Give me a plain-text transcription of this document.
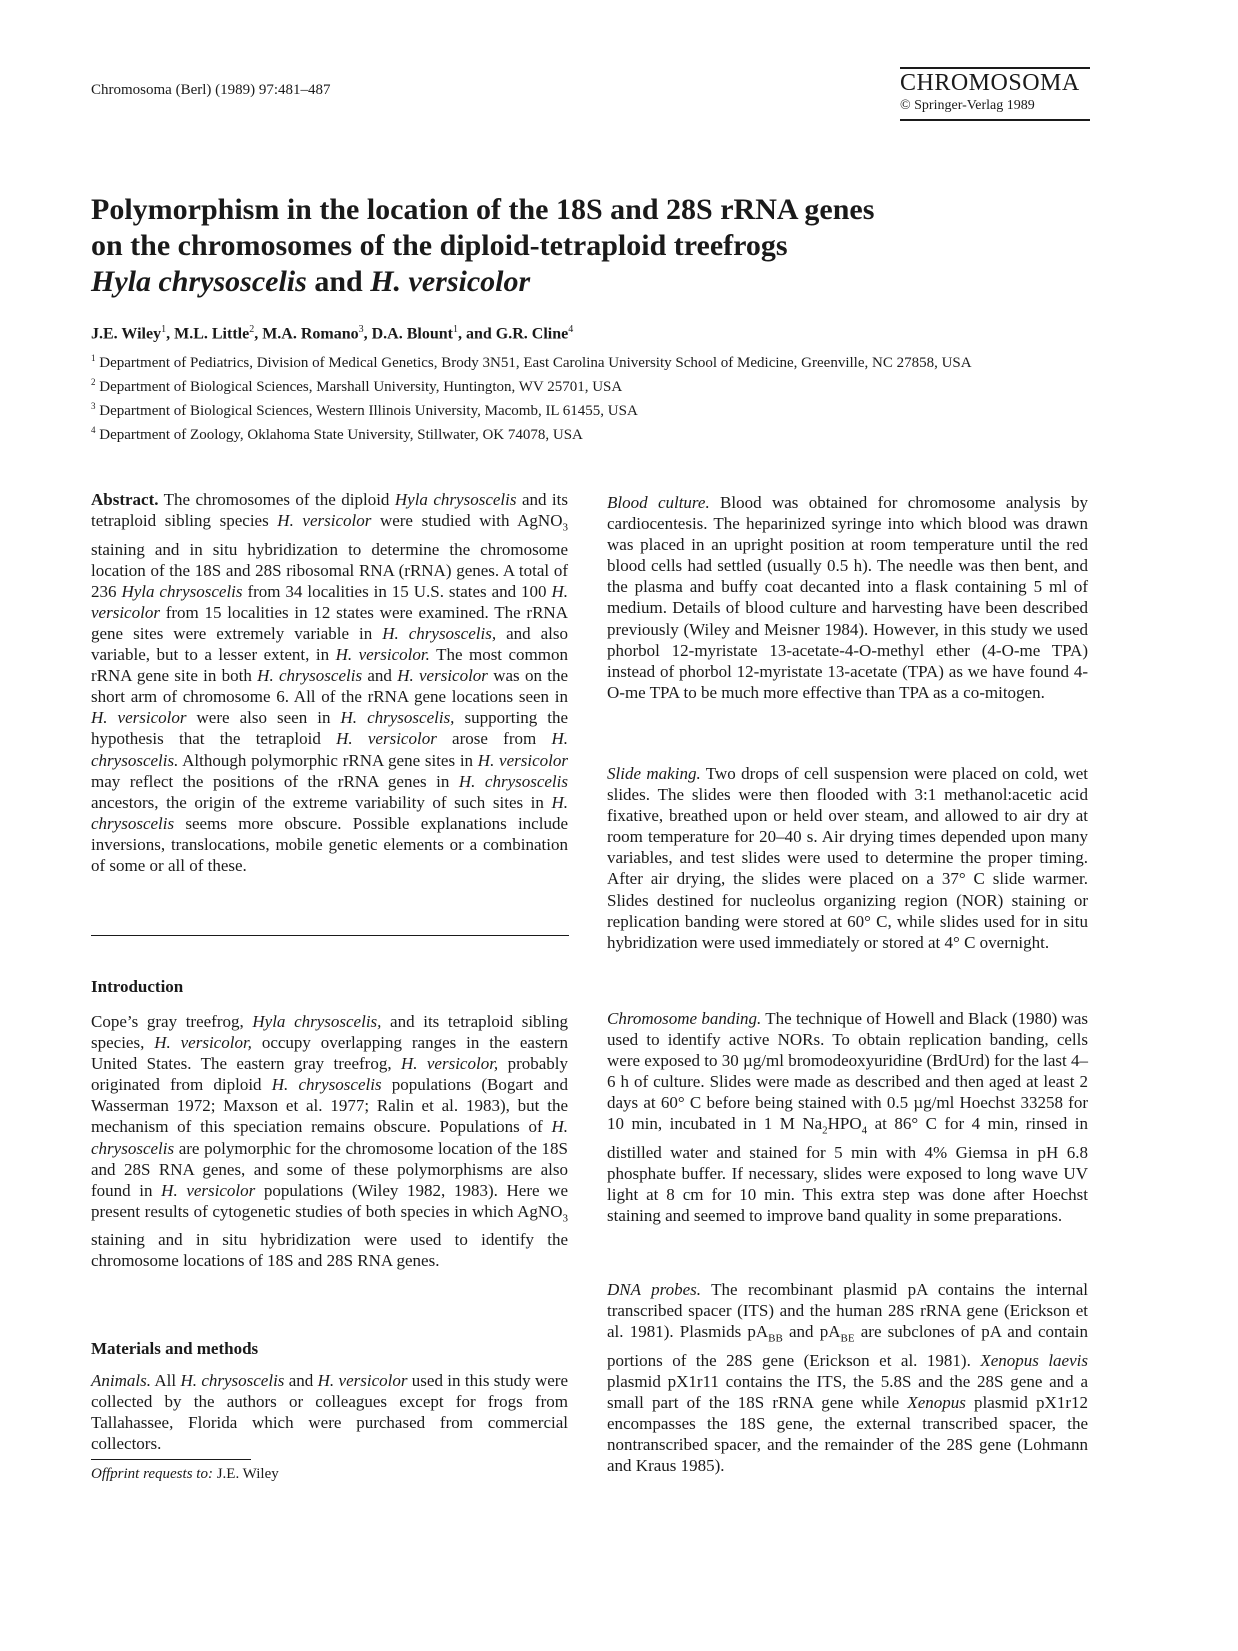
Chromosoma (Berl) (1989) 97:481–487	CHROMOSOMA
© Springer-Verlag 1989
Polymorphism in the location of the 18S and 28S rRNA genes
on the chromosomes of the diploid-tetraploid treefrogs
Hyla chrysoscelis and H. versicolor
J.E. Wiley$^1$, M.L. Little$^2$, M.A. Romano$^3$, D.A. Blount$^1$, and G.R. Cline$^4$
$^1$ Department of Pediatrics, Division of Medical Genetics, Brody 3N51, East Carolina University School of Medicine, Greenville, NC 27858, USA
$^2$ Department of Biological Sciences, Marshall University, Huntington, WV 25701, USA
$^3$ Department of Biological Sciences, Western Illinois University, Macomb, IL 61455, USA
$^4$ Department of Zoology, Oklahoma State University, Stillwater, OK 74078, USA

Abstract. The chromosomes of the diploid Hyla chrysoscelis and its tetraploid sibling species H. versicolor were studied with AgNO$_3$ staining and in situ hybridization to determine the chromosome location of the 18S and 28S ribosomal RNA (rRNA) genes. A total of 236 Hyla chrysoscelis from 34 localities in 15 U.S. states and 100 H. versicolor from 15 localities in 12 states were examined. The rRNA gene sites were extremely variable in H. chrysoscelis, and also variable, but to a lesser extent, in H. versicolor. The most common rRNA gene site in both H. chrysoscelis and H. versicolor was on the short arm of chromosome 6. All of the rRNA gene locations seen in H. versicolor were also seen in H. chrysoscelis, supporting the hypothesis that the tetraploid H. versicolor arose from H. chrysoscelis. Although polymorphic rRNA gene sites in H. versicolor may reflect the positions of the rRNA genes in H. chrysoscelis ancestors, the origin of the extreme variability of such sites in H. chrysoscelis seems more obscure. Possible explanations include inversions, translocations, mobile genetic elements or a combination of some or all of these.

Introduction

Cope’s gray treefrog, Hyla chrysoscelis, and its tetraploid sibling species, H. versicolor, occupy overlapping ranges in the eastern United States. The eastern gray treefrog, H. versicolor, probably originated from diploid H. chrysoscelis populations (Bogart and Wasserman 1972; Maxson et al. 1977; Ralin et al. 1983), but the mechanism of this speciation remains obscure. Populations of H. chrysoscelis are polymorphic for the chromosome location of the 18S and 28S RNA genes, and some of these polymorphisms are also found in H. versicolor populations (Wiley 1982, 1983). Here we present results of cytogenetic studies of both species in which AgNO$_3$ staining and in situ hybridization were used to identify the chromosome locations of 18S and 28S RNA genes.

Materials and methods

Animals. All H. chrysoscelis and H. versicolor used in this study were collected by the authors or colleagues except for frogs from Tallahassee, Florida which were purchased from commercial collectors.

Offprint requests to: J.E. Wiley

Blood culture. Blood was obtained for chromosome analysis by cardiocentesis. The heparinized syringe into which blood was drawn was placed in an upright position at room temperature until the red blood cells had settled (usually 0.5 h). The needle was then bent, and the plasma and buffy coat decanted into a flask containing 5 ml of medium. Details of blood culture and harvesting have been described previously (Wiley and Meisner 1984). However, in this study we used phorbol 12-myristate 13-acetate-4-O-methyl ether (4-O-me TPA) instead of phorbol 12-myristate 13-acetate (TPA) as we have found 4-O-me TPA to be much more effective than TPA as a co-mitogen.

Slide making. Two drops of cell suspension were placed on cold, wet slides. The slides were then flooded with 3:1 methanol:acetic acid fixative, breathed upon or held over steam, and allowed to air dry at room temperature for 20–40 s. Air drying times depended upon many variables, and test slides were used to determine the proper timing. After air drying, the slides were placed on a 37° C slide warmer. Slides destined for nucleolus organizing region (NOR) staining or replication banding were stored at 60° C, while slides used for in situ hybridization were used immediately or stored at 4° C overnight.

Chromosome banding. The technique of Howell and Black (1980) was used to identify active NORs. To obtain replication banding, cells were exposed to 30 µg/ml bromodeoxyuridine (BrdUrd) for the last 4–6 h of culture. Slides were made as described and then aged at least 2 days at 60° C before being stained with 0.5 µg/ml Hoechst 33258 for 10 min, incubated in 1 M $Na_2HPO_4$ at 86° C for 4 min, rinsed in distilled water and stained for 5 min with 4% Giemsa in pH 6.8 phosphate buffer. If necessary, slides were exposed to long wave UV light at 8 cm for 10 min. This extra step was done after Hoechst staining and seemed to improve band quality in some preparations.

DNA probes. The recombinant plasmid pA contains the internal transcribed spacer (ITS) and the human 28S rRNA gene (Erickson et al. 1981). Plasmids $pA_{BB}$ and $pA_{BE}$ are subclones of pA and contain portions of the 28S gene (Erickson et al. 1981). Xenopus laevis plasmid pX1r11 contains the ITS, the 5.8S and the 28S gene and a small part of the 18S rRNA gene while Xenopus plasmid pX1r12 encompasses the 18S gene, the external transcribed spacer, the nontranscribed spacer, and the remainder of the 28S gene (Lohmann and Kraus 1985).
